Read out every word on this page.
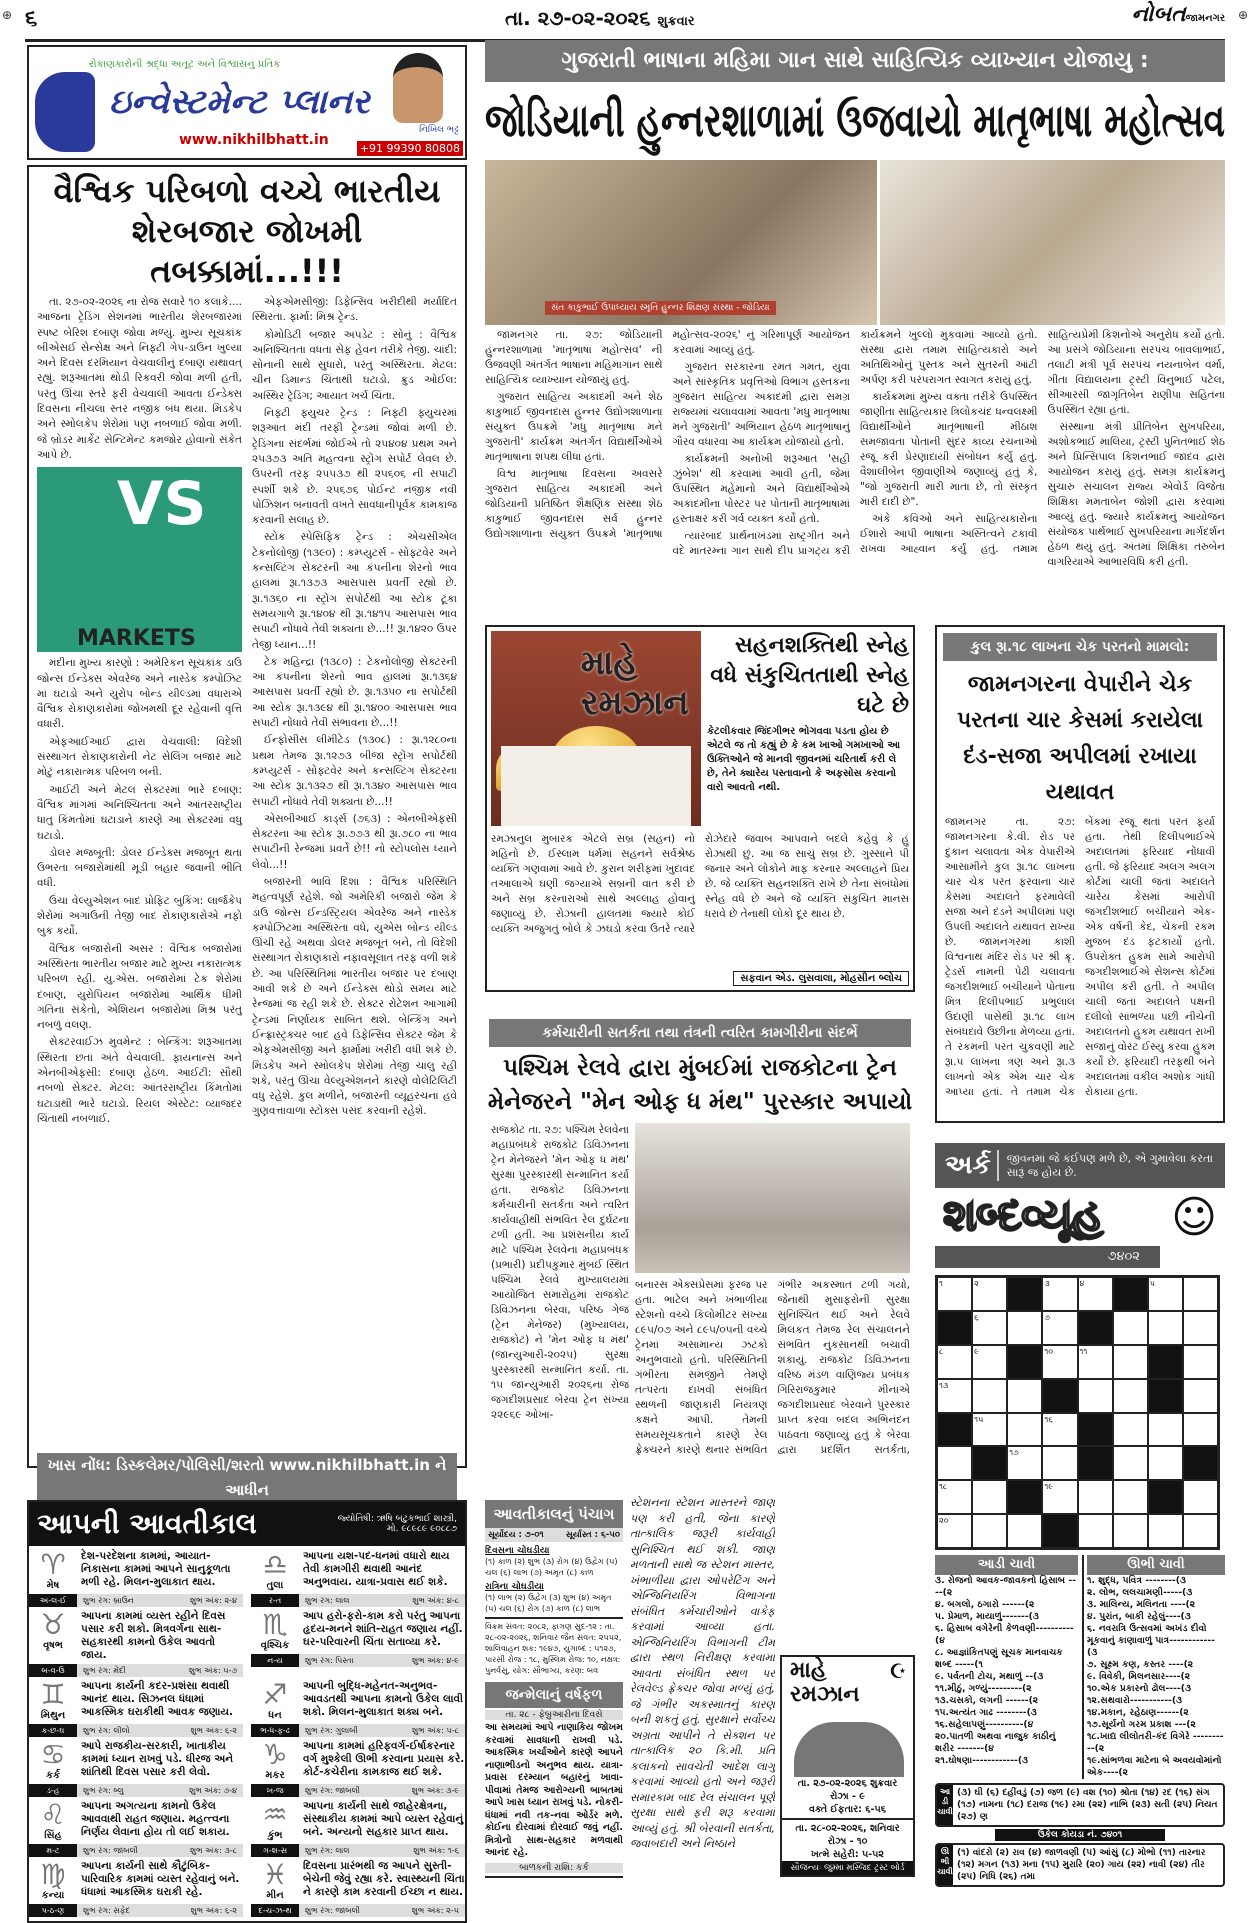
⊕	⊕
૬	તા. ૨૭-૦૨-૨૦૨૬ શુક્રવાર	નોબતજામનગર
રોકાણકારોની શ્રદ્ધા અતૂટ અને વિશ્વાસનું પ્રતિક
ઇન્વેસ્ટમેન્ટ પ્લાનર
www.nikhilbhatt.in
નિખિલ ભટ્ટ
+91 99390 80808
વૈશ્વિક પરિબળો વચ્ચે ભારતીય શેરબજાર જોખમી તબક્કામાં...!!!

તા. ૨૭-૦૨-૨૦૨૬ ના રોજ સવારે ૧૦ કલાકે.... આજના ટ્રેડિંગ સેશનમાં ભારતીય શેરબજારમાં સ્પષ્ટ બેરિશ દબાણ જોવા મળ્યું. મુખ્ય સૂચકાંક બીએસઈ સેન્સેક્ષ અને નિફ્ટી ગેપ-ડાઉન ખુલ્યા અને દિવસ દરમિયાન વેચવાલીનું દબાણ યથાવત્ રહ્યું. શરૂઆતમાં થોડી રિકવરી જોવા મળી હતી, પરંતુ ઊંચા સ્તરે ફરી વેચવાલી આવતા ઈન્ડેક્સ દિવસના નીચલા સ્તર નજીક બંધ થયા. મિડકેપ અને સ્મોલકેપ શેરોમાં પણ નબળાઈ જોવા મળી. જે બ્રોડર માર્કેટ સેન્ટિમેન્ટ કમજોર હોવાનો સંકેત આપે છે.

VS
MARKETS

મંદીના મુખ્ય કારણો : અમેરિકન સૂચકાંક ડાઉ જોન્સ ઈન્ડેક્સ એવરેજ અને નાસ્ડેક કમ્પોઝિટ માં ઘટાડો અને યુરોપ બોન્ડ યીલ્ડમાં વધારાએ વૈશ્વિક રોકાણકારોમાં જોખમથી દૂર રહેવાની વૃત્તિ વધારી.

એફઆઈઆઈ દ્વારા વેચવાલી: વિદેશી સંસ્થાગત રોકાણકારોની નેટ સેલિંગ બજાર માટે મોટું નકારાત્મક પરિબળ બની.

આઈટી અને મેટલ સેક્ટરમાં ભારે દબાણ: વૈશ્વિક માંગમાં અનિશ્ચિતતા અને આંતરરાષ્ટ્રીય ધાતુ કિંમતોમાં ઘટાડાને કારણે આ સેક્ટરમાં વધુ ઘટાડો.

ડોલર મજબૂતી: ડોલર ઈન્ડેક્સ મજબૂત થતા ઉભરતા બજારોમાંથી મૂડી બહાર જવાની ભીતિ વધી.

ઉંચા વેલ્યુએશન બાદ પ્રોફિટ બુકિંગ: લાર્જકેપ શેરોમાં અગાઉની તેજી બાદ રોકાણકારોએ નફો બુક કર્યો.

વૈશ્વિક બજારોની અસર : વૈશ્વિક બજારોમાં અસ્થિરતા ભારતીય બજાર માટે મુખ્ય નકારાત્મક પરિબળ રહી. યુ.એસ. બજારોમાં ટેક શેરોમાં દબાણ, યુરોપિયન બજારોમાં આર્થિક ધીમી ગતિના સંકેતો, એશિયન બજારોમાં મિશ્ર પરંતુ નબળું વલણ.

સેક્ટરવાઈઝ મુવમેન્ટ : બેન્કિંગ: શરૂઆતમાં સ્થિરતા છતાં અંતે વેચવાલી. ફાયનાન્સ અને એનબીએફસી: દબાણ હેઠળ. આઈટી: સૌથી નબળો સેક્ટર. મેટલ: આંતરરાષ્ટ્રીય કિંમતોમાં ઘટાડાથી ભારે ઘટાડો. રિયલ એસ્ટેટ: વ્યાજદર ચિંતાથી નબળાઈ.

એફએમસીજી: ડિફેન્સિવ ખરીદીથી મર્યાદિત સ્થિરતા. ફાર્મા: મિશ્ર ટ્રેન્ડ.

કોમોડિટી બજાર અપડેટ : સોનું : વૈશ્વિક અનિશ્ચિતતા વધતા સેફ હેવન તરીકે તેજી. ચાંદી: સોનાની સાથે સુધારો, પરંતુ અસ્થિરતા. મેટલ: ચીન ડિમાન્ડ ચિંતાથી ઘટાડો. ક્રુડ ઓઈલ: અસ્થિર ટ્રેડિંગ; આયાત ખર્ચ ચિંતા.

નિફ્ટી ફ્યુચર ટ્રેન્ડ : નિફ્ટી ફ્યુચરમાં શરૂઆત મંદી તરફી ટ્રેન્ડમાં જોવાં મળી છે. ટ્રેડિંગના સંદર્ભમાં જોઈએ તો ૨૫૪૦૪ પ્રથમ અને ૨૫૩૭૩ અતિ મહત્વના સ્ટ્રોંગ સપોર્ટ લેવલ છે. ઉપરની તરફ ૨૫૫૩૭ થી ૨૫૬૦૬ ની સપાટી સ્પર્શી શકે છે. ૨૫૬૭૬ પોઈન્ટ નજીક નવી પોઝિશન બનાવતી વખતે સાવધાનીપૂર્વક કામકાજ કરવાની સલાહ છે.

સ્ટોક સ્પેસિફિક ટ્રેન્ડ : એચસીએલ ટેકનોલોજી (૧૩૯૦) : કમ્પ્યુટર્સ - સોફ્ટવેર અને કન્સલ્ટિંગ સેક્ટરની આ કંપનીના શેરનો ભાવ હાલમાં રૂા.૧૩૭૩ આસપાસ પ્રવર્તી રહ્યો છે. રૂા.૧૩૬૦ ના સ્ટ્રોંગ સપોર્ટથી આ સ્ટોક ટૂંકા સમયગાળે રૂા.૧૪૦૪ થી રૂા.૧૪૧૫ આસપાસ ભાવ સપાટી નોંધાવે તેવી શક્યતા છે...!! રૂા.૧૪૨૦ ઉપર તેજી ધ્યાન...!!

ટેક મહિન્દ્રા (૧૩૮૦) : ટેકનોલોજી સેક્ટરની આ કંપનીના શેરનો ભાવ હાલમાં રૂા.૧૩૬૪ આસપાસ પ્રવર્તી રહ્યો છે. રૂા.૧૩૫૦ ના સપોર્ટથી આ સ્ટોક રૂા.૧૩૯૪ થી રૂા.૧૪૦૦ આસપાસ ભાવ સપાટી નોંધાવે તેવી સંભાવના છે...!!

ઈન્ફોસીસ લીમીટેડ (૧૩૦૮) : રૂા.૧૨૮૦ના પ્રથમ તેમજ રૂા.૧૨૭૩ બીજા સ્ટ્રોંગ સપોર્ટથી કમ્પ્યુટર્સ - સોફ્ટવેર અને કન્સલ્ટિંગ સેક્ટરના આ સ્ટોક રૂા.૧૩૨૭ થી રૂા.૧૩૪૦ આસપાસ ભાવ સપાટી નોંધાવે તેવી શક્યતા છે...!!

એસબીઆઈ કાર્ડ્સ (૭૬૩) : એનબીએફસી સેક્ટરના આ સ્ટોક રૂા.૭૭૩ થી રૂા.૭૮૦ ના ભાવ સપાટીની રેન્જમાં પ્રવર્તે છે!! નો સ્ટોપલોસ ધ્યાને લેવો...!!

બજારની ભાવિ દિશા : વૈશ્વિક પરિસ્થિતિ મહત્વપૂર્ણ રહેશે. જો અમેરિકી બજારો જેમ કે ડાઉ જોન્સ ઈન્ડસ્ટ્રિયલ એવરેજ અને નાસ્ડેક કમ્પોઝિટમાં અસ્થિરતા વધે, યુએસ બોન્ડ યીલ્ડ ઊંચી રહે અથવા ડોલર મજબૂત બને, તો વિદેશી સંસ્થાગત રોકાણકારો નફાવસૂલાત તરફ વળી શકે છે. આ પરિસ્થિતિમાં ભારતીય બજાર પર દબાણ આવી શકે છે અને ઈન્ડેક્સ થોડો સમય માટે રેન્જમાં જ રહી શકે છે. સેક્ટર રોટેશન આગામી ટ્રેન્ડમાં નિર્ણાયક સાબિત થશે. બેન્કિંગ અને ઈન્ફ્રાસ્ટ્રક્ચર બાદ હવે ડિફેન્સિવ સેક્ટર જેમ કે એફએમસીજી અને ફાર્મામાં ખરીદી વધી શકે છે. મિડકેપ અને સ્મોલકેપ શેરોમાં તેજી ચાલુ રહી શકે, પરંતુ ઊંચા વેલ્યુએશનને કારણે વોલેટિલિટી વધુ રહેશે. કુલ મળીને, બજારની વ્યૂહરચના હવે ગુણવત્તાવાળા સ્ટોક્સ પસંદ કરવાની રહેશે.

ખાસ નોંધ: ડિસ્કલેમર/પોલિસી/શરતો www.nikhilbhatt.in ને આધીન
આપની આવતીકાલ	જ્યોતિષી: ઋષિ બટુકભાઈ શાસ્ત્રી,
મો. ૯૮૯૮૯ ૯૦૮૮૭
♈
મેષ
દેશ-પરદેશના કામમાં, આયાત-નિકાસના કામમાં આપને સાનુકૂળતા મળી રહે. મિલન-મુલાકાત થાય.
અ-લ-ઈ	શુભ રંગ: બ્રાઉન	શુભ અંક: ૨-૪
♎
તુલા
આપના યશ-પદ-ધનમાં વધારો થાય તેવી કામગીરી થવાથી આનંદ અનુભવાય. યાત્રા-પ્રવાસ થઈ શકે.
ર-ત	શુભ રંગ: લાલ	શુભ અંક: ૪-૮
♉
વૃષભ
આપના કામમાં વ્યસ્ત રહીને દિવસ પસાર કરી શકો. મિત્રવર્ગના સાથ-સહકારથી કામનો ઉકેલ આવતો જાય.
બ-વ-ઉ	શુભ રંગ: મેંદી	શુભ અંક: ૫-૭
♏
વૃશ્ચિક
આપ હરો-ફરો-કામ કરો પરંતુ આપના હૃદય-મનને શાંતિ-રાહત જણાય નહીં. ઘર-પરિવારની ચિંતા સતાવ્યા કરે.
ન-ય	શુભ રંગ: પિસ્તા	શુભ અંક: ૪-૯
♊
મિથુન
આપના કાર્યની કદર-પ્રશંસા થવાથી આનંદ થાય. સિઝનલ ધંધામાં આકસ્મિક ઘરાકીથી આવક જણાય.
ક-છ-ઘ	શુભ રંગ: લીલો	શુભ અંક: ૬-૨
♐
ધન
આપની બુદ્ધિ-મહેનત-અનુભવ-આવડતથી આપના કામનો ઉકેલ લાવી શકો. મિલન-મુલાકાત શક્ય બને.
ભ-ધ-ફ-ઢ	શુભ રંગ: ગુલાબી	શુભ અંક: ૫-૮
♋
કર્ક
આપે રાજકીય-સરકારી, ખાતાકીય કામમાં ધ્યાન રાખવું પડે. ધીરજ અને શાંતિથી દિવસ પસાર કરી લેવો.
ડ-હ	શુભ રંગ: બ્લુ	શુભ અંક: ૭-૪
♑
મકર
આપના કામમાં હરિફવર્ગ-ઈર્ષાકરનાર વર્ગ મુશ્કેલી ઊભી કરવાના પ્રયાસ કરે. કોર્ટ-કચેરીના કામકાજ થઈ શકે.
ખ-જ	શુભ રંગ: જાંબલી	શુભ અંક: ૩-૯
♌
સિંહ
આપના અગત્યના કામનો ઉકેલ આવવાથી રાહત જણાય. મહત્ત્વના નિર્ણય લેવાના હોય તો લઈ શકાય.
મ-ટ	શુભ રંગ: જાંબલી	શુભ અંક: ૩-૮
♒
કુંભ
આપના કાર્યની સાથે જાહેરક્ષેત્રના, સંસ્થાકીય કામમાં આપે વ્યસ્ત રહેવાનું બને. અન્યનો સહકાર પ્રાપ્ત થાય.
ગ-શ-સ	શુભ રંગ: લાલ	શુભ અંક: ૧-૬
♍
કન્યા
આપના કાર્યની સાથે કૌટુંબિક-પારિવારિક કામમાં વ્યસ્ત રહેવાનું બને. ધંધામાં આકસ્મિક ઘરાકી રહે.
પ-ઠ-ણ	શુભ રંગ: સફેદ	શુભ અંક: ૬-૨
♓
મીન
દિવસના પ્રારંભથી જ આપને સુસ્તી-બેચેની જેવું રહ્યા કરે. સ્વાસ્થ્યની ચિંતા ને કારણે કામ કરવાની ઈચ્છા ન થાય.
દ-ચ-ઝ-થ	શુભ રંગ: જાંબલી	શુભ અંક: ૨-૫
ગુજરાતી ભાષાના મહિમા ગાન સાથે સાહિત્યિક વ્યાખ્યાન યોજાયુ :
સંત કાકુભાઈ ઉપાધ્યાય સ્મૃતિ હુન્નર શિક્ષણ સંસ્થા - જોડિયા
જોડિયાની હુન્નરશાળામાં ઉજવાયો માતૃભાષા મહોત્સવ

જામનગર તા. ૨૭: જોડિયાની હુન્નરશાળામાં 'માતૃભાષા મહોત્સવ' ની ઉજવણી અંતર્ગત ભાષાના મહિમાગાન સાથે સાહિત્યિક વ્યાખ્યાન યોજાયું હતું.

ગુજરાત સાહિત્ય અકાદમી અને શેઠ કાકુભાઈ જીવનદાસ હુન્નર ઉદ્યોગશાળાના સંયુક્ત ઉપક્રમે 'મધુ માતૃભાષા મને ગુજરાતી' કાર્યક્રમ અંતર્ગત વિદ્યાર્થીઓએ માતૃભાષાના શપથ લીધા હતાં.

વિશ્વ માતૃભાષા દિવસના અવસરે ગુજરાત સાહિત્ય અકાદમી અને જોડિયાની પ્રતિષ્ઠિત શૈક્ષણિક સંસ્થા શેઠ કાકુભાઈ જીવનદાસ સર્વ હુન્નર ઉદ્યોગશાળાના સંયુક્ત ઉપક્રમે 'માતૃભાષા મહોત્સવ-૨૦૨૬' નું ગરિમાપૂર્ણ આયોજન કરવામાં આવ્યું હતું.

ગુજરાત સરકારના રમત ગમત, યુવા અને સાંસ્કૃતિક પ્રવૃત્તિઓ વિભાગ હસ્તકના ગુજરાત સાહિત્ય અકાદમી દ્વારા સમગ્ર રાજ્યમાં ચલાવવામાં આવતા 'મધુ માતૃભાષા મને ગુજરાતી' અભિયાન હેઠળ માતૃભાષાનું ગૌરવ વધારવા આ કાર્યક્રમ યોજાયો હતો.

કાર્યક્રમની અનોખી શરૂઆત 'સહી ઝુંબેશ' થી કરવામાં આવી હતી, જેમાં ઉપસ્થિત મહેમાનો અને વિદ્યાર્થીઓએ અકાદમીના પોસ્ટર પર પોતાની માતૃભાષામાં હસ્તાક્ષર કરી ગર્વ વ્યક્ત કર્યો હતો.

ત્યારબાદ પ્રાર્થનાખંડમાં રાષ્ટ્રગીત અને વંદે માતરમ્ના ગાન સાથે દીપ પ્રાગટ્ય કરી કાર્યક્રમને ખુલ્લો મુકવામાં આવ્યો હતો. સંસ્થા દ્વારા તમામ સાહિત્યકારો અને અતિથિઓનું પુસ્તક અને સુતરની આંટી અર્પણ કરી પરંપરાગત સ્વાગત કરાયું હતું.

કાર્યક્રમમાં મુખ્ય વક્તા તરીકે ઉપસ્થિત જાણીતા સાહિત્યકાર ત્રિલોકચંદ ધન્વલક્ષ્મી વિદ્યાર્થીઓને માતૃભાષાની મીઠાશ સમજાવતા પોતાની સુંદર કાવ્ય રચનાઓ રજૂ કરી પ્રેરણાદાયી સંબોધન કર્યું હતું. વૈશાલીબેન જીવાણીએ જણાવ્યું હતું કે, "જો ગુજરાતી મારી માતા છે, તો સંસ્કૃત મારી દાદી છે".

અંકે કવિઓ અને સાહિત્યકારોના ઈશારો આપી ભાષાના અસ્તિત્વને ટકાવી રાખવા આહ્વાન કર્યું હતું. તમામ સાહિત્યપ્રેમી કિશનોએ અનુરોધ કર્યો હતો. આ પ્રસંગે જોડિયાના સરપંચ બાવલાભાઈ, તલાટી મંત્રી પૂર્વ સરપંચ નયનાબેન વર્મા, ગીતા વિદ્યાલયના ટ્રસ્ટી વિનુભાઈ પટેલ, સીઆરસી જાગૃતિબેન રાણીપા સહિતના ઉપસ્થિત રહ્યા હતાં.

સંસ્થાના મંત્રી પ્રીતિબેન સુખપરિયા, અશોકભાઈ માલિયા, ટ્રસ્ટી પુનિતભાઈ શેઠ અને પ્રિન્સિપાલ કિશનભાઈ જાદવ દ્વારા આયોજન કરાયું હતું. સમગ્ર કાર્યક્રમનું સુચારુ સંચાલન રાજ્ય એવોર્ડ વિજેતા શિક્ષિકા મમતાબેન જોશી દ્વારા કરવામાં આવ્યું હતું. જ્યારે કાર્યક્રમનું આયોજન સંયોજક પાર્થભાઈ સુખપરિયાના માર્ગદર્શન હેઠળ થયું હતું. અંતમાં શિક્ષિકા તરુબેન વાગરિયાએ આભારવિધિ કરી હતી.

માહે રમઝાન
સહનશક્તિથી સ્નેહ વધે સંકુચિતતાથી સ્નેહ ઘટે છે
કેટલીકવાર જિંદગીભર ભોગવવા પડતા હોય છે એટલે જ તો કહ્યું છે કે કમ ખાઓ ગમખાઓ આ ઉક્તિઓને જે માનવી જીવનમાં ચરિતાર્થ કરી લે છે, તેને ક્યારેય પસ્તાવાનો કે અફસોસ કરવાનો વારો આવતો નથી.
રમઝાનુલ મુબારક એટલે સબ્ર (સહન) નો મહિનો છે. ઈસ્લામ ધર્મમાં સહનને સર્વશ્રેષ્ઠ વ્યક્તિ ગણવામાં આવે છે. કુરાન શરીફમાં ખુદાવંદ તઆલાએ ઘણી જગ્યાએ સબ્રની વાત કરી છે અને સબ્ર કરનારાઓ સાથે અલ્લાહ હોવાનું જણાવ્યું છે. રોઝાની હાલતમાં જ્યારે કોઈ વ્યક્તિ અજુગતું બોલે કે ઝઘડો કરવા ઉતરે ત્યારે રોઝેદારે જવાબ આપવાને બદલે કહેવું કે હું રોઝાથી છું. આ જ સાચું સબ્ર છે. ગુસ્સાને પી જનાર અને લોકોને માફ કરનાર અલ્લાહને પ્રિય છે. જે વ્યક્તિ સહનશક્તિ રાખે છે તેના સંબંધોમાં સ્નેહ વધે છે અને જે વ્યક્તિ સંકુચિત માનસ ધરાવે છે તેનાથી લોકો દૂર થાય છે.
સફવાન એડ. લુસવાલા, મોહસીન બ્લોચ
કુલ રૂા.૧૮ લાખના ચેક પરતનો મામલો:
જામનગરના વેપારીને ચેક પરતના ચાર કેસમાં કરાયેલા દંડ-સજા અપીલમાં રખાયા યથાવત
જામનગર તા. ૨૭: જામનગરના કે.વી. રોડ પર દુકાન ચલાવતા એક વેપારીએ આસામીને કુલ રૂા.૧૮ લાખના ચાર ચેક પરત ફરવાના ચાર કેસમાં અદાલતે ફરમાવેલી સજા અને દંડને અપીલમાં પણ ઉપલી અદાલતે યથાવત રાખ્યા છે. જામનગરમાં કાશી વિશ્વનાથ મંદિર રોડ પર શ્રી ક્રૃ. ટ્રેડર્સ નામની પેઢી ચલાવતા જગદીશભાઈ બચીયાને પોતાના મિત્ર દિલીપભાઈ પ્રભુલાલ ઉદાણી પાસેથી રૂા.૧૮ લાખ સંબંધદાવે ઉછીના મેળવ્યા હતાં. તે રકમની પરત ચુકવણી માટે રૂા.૫ લાખના ત્રણ અને રૂા.૩ લાખનો એક એમ ચાર ચેક આપ્યા હતાં. તે તમામ ચેક બેંકમાં રજૂ થતાં પરત ફર્યા હતા. તેથી દિલીપભાઈએ અદાલતમાં ફરિયાદ નોંધાવી હતી. જે ફરિયાદ અલગ અલગ કોર્ટમાં ચાલી જતાં અદાલતે ચારેય કેસમાં આરોપી જગદીશભાઈ બચીયાને એક-એક વર્ષની કેદ, ચેકની રકમ મુજબ દંડ ફટકાર્યો હતો. ઉપરોક્ત હુકમ સામે આરોપી જગદીશભાઈએ સેશન્સ કોર્ટમાં અપીલ કરી હતી. તે અપીલ ચાલી જતાં અદાલતે પક્ષની દલીલો સાંભળ્યા પછી નીચેની અદાલતનો હુકમ યથાવત રાખી સજાનું વોરંટ ઈસ્યુ કરવા હુકમ કર્યો છે. ફરિયાદી તરફથી બંને અદાલતમાં વકીલ અશોક ગાંધી રોકાયા હતા.
કર્મચારીની સતર્કતા તથા તંત્રની ત્વરિત કામગીરીના સંદર્ભે
પશ્ચિમ રેલવે દ્વારા મુંબઈમાં રાજકોટના ટ્રેન મેનેજરને "મેન ઓફ ધ મંથ" પુરસ્કાર અપાયો
રાજકોટ તા. ૨૭: પશ્ચિમ રેલવેના મહાપ્રબંધકે રાજકોટ ડિવિઝનના ટ્રેન મેનેજરને 'મેન ઓફ ધ મંથ' સુરક્ષા પુરસ્કારથી સન્માનિત કર્યા હતા. રાજકોટ ડિવિઝનના કર્મચારીની સતર્કતા અને ત્વરિત કાર્યવાહીથી સંભવિત રેલ દુર્ઘટના ટળી હતી. આ પ્રશંસનીય કાર્ય માટે પશ્ચિમ રેલવેના મહાપ્રબંધક (પ્રભારી) પ્રદીપકુમાર મુંબઈ સ્થિત પશ્ચિમ રેલવે મુખ્યાલયમાં આયોજિત સમારોહમાં રાજકોટ ડિવિઝનના બેરવા, પરિષ્ઠ ગેજ (ટ્રેન મેનેજર) (મુખ્યાલય, રાજકોટ) ને 'મેન ઓફ ધ મંથ' (જાન્યુઆરી-૨૦૨૫) સુરક્ષા પુરસ્કારથી સન્માનિત કર્યા. તા. ૧૫ જાન્યુઆરી ૨૦૨૬ના રોજ જગદીશપ્રસાદ બેરવા ટ્રેન સંખ્યા ૨૨૯૬૯ ઓખા-
બનારસ એક્સપ્રેસમાં ફરજ પર હતા. ભાટેલ અને ખંભાળીયા સ્ટેશનો વચ્ચે કિલોમીટર સંખ્યા ૮૯૫/૦૭ અને ૮૯૫/૦૫ની વચ્ચે ટ્રેનમાં અસામાન્ય ઝટકો અનુભવાયો હતો. પરિસ્થિતિની ગંભીરતા સમજીને તેમણે તત્પરતા દાખવી સંબંધિત સ્થળની જાણકારી નિયંત્રણ કક્ષને આપી. તેમની સમયસૂચકતાને કારણે રેલ ફ્રેક્ચરને કારણે થનાર સંભવિત ગંભીર અકસ્માત ટળી ગયો, જેનાથી મુસાફરોની સુરક્ષા સુનિશ્ચિત થઈ અને રેલવે મિલકત તેમજ રેલ સંચાલનને સંભવિત નુકસાનથી બચાવી શકાયું. રાજકોટ ડિવિઝનના વરિષ્ઠ મંડળ વાણિજ્ય પ્રબંધક ગિરિરાજકુમાર મીનાએ જગદીશપ્રસાદ બેરવાને પુરસ્કાર પ્રાપ્ત કરવા બદલ અભિનંદન પાઠવતા જણાવ્યું હતું કે બેરવા દ્વારા પ્રદર્શિત સતર્કતા,
આવતીકાલનું પંચાગ
સૂર્યોદય : ૭-૦૧	સૂર્યાસ્ત : ૬-૫૦
દિવસના ચોઘડીયા
(૧) કાળ (૨) શુભ (૩) રોગ (૪) ઉદ્વેગ (૫) ચલ (૬) લાભ (૭) અમૃત (૮) કાળ
રાત્રિના ચોઘડીયા
(૧) લાભ (૨) ઉદ્વેગ (૩) શુભ (૪) અમૃત (૫) ચલ (૬) રોગ (૭) કાળ (૮) લાભ
વિક્રમ સંવત: ૨૦૮૨, ફાગણ સુદ-૧૨ : તા. ૨૮-૦૨-૨૦૨૬, શનિવાર જૈન સંવત: ૨૫૫૨, શાલિવાહન શક: ૧૯૪૭, યુગાબ્દ : ૫૧૨૭, પારસી રોજ : ૧૮, મુસ્લિમ રોજ: ૧૦, નક્ષત્ર: પુનર્વસુ, યોગ: સૌભાગ્ય, કરણ: બવ
જન્મેલાનું વર્ષફળ
તા. ૨૮ - ફેબ્રુઆરીના દિવસે
આ સમયમાં આપે નાણાકિય જોખમ કરવામાં સાવધાની રાખવી પડે. આકસ્મિક ખર્ચાઓને કારણે આપને નાણાભીડનો અનુભવ થાય. યાત્રા-પ્રવાસ દરમ્યાન બહારનું ખાવા-પીવામાં તેમજ આરોગ્યની બાબતમાં આપે ખાસ ધ્યાન રાખવું પડે. નોકરી-ધંધામાં નવી તક-નવા ઓર્ડર મળે. કોઈના દોરવામાં દોરવાઈ જવું નહીં. મિત્રોનો સાથ-સહકાર મળવાથી આનંદ રહે.
બાળકની રાશિ: કર્ક
સ્ટેશનના સ્ટેશન માસ્તરને જાણ પણ કરી હતી, જેના કારણે તાત્કાલિક જરૂરી કાર્યવાહી સુનિશ્ચિત થઈ શકી. જાણ મળતાની સાથે જ સ્ટેશન માસ્તર, ખંભાળીયા દ્વારા ઓપરેટિંગ અને એન્જિનિયરિંગ વિભાગના સંબંધિત કર્મચારીઓને વાકેફ કરવામાં આવ્યા હતા. એન્જિનિયરિંગ વિભાગની ટીમ દ્વારા સ્થળ નિરીક્ષણ કરવામાં આવતા સંબંધિત સ્થળ પર રેલવેલ્ડ ફ્રેક્ચર જોવા મળ્યું હતું, જે ગંભીર અકસ્માતનું કારણ બની શકતું હતું. સુરક્ષાને સર્વોચ્ચ અગ્રતા આપીને તે સેક્શન પર તાત્કાલિક ૨૦ કિ.મી. પ્રતિ કલાકનો સાવચેતી આદેશ લાગુ કરવામાં આવ્યો હતો અને જરૂરી સમારકામ બાદ રેલ સંચાલન પૂર્ણ સુરક્ષા સાથે ફરી શરૂ કરવામાં આવ્યું હતું. શ્રી બેરવાની સતર્કતા, જવાબદારી અને નિષ્ઠાને
માહે રમઝાન
☪
તા. ૨૭-૦૨-૨૦૨૬ શુક્રવાર
રોઝા - ૯
વક્તે ઈફતાર: ૬-૫૬
તા. ૨૮-૦૨-૨૦૨૬, શનિવાર
રોઝા - ૧૦
ખત્મે સહેરી: ૫-૫૨
સૌજન્યઃ જુમ્મા મસ્જિદ ટ્રસ્ટ બોર્ડ
અર્ક	જીવનમાં જે કંઈપણ મળે છે, એ ગુમાવેલા કરતા સારૂં જ હોય છે.
૭૪૦૨
શબ્દવ્યૂહ ☺
૧	૨	૩	૪	૫
૬	૭
૮	૯	૧૦	૧૧
૧૩
૧૫	૧૬
૧૭
૧૮	૧૯
૨૦
આડી ચાવી
૩. રોજનો આવક-જાવકનો હિસાબ ----(૨
૪. બગલો, ઠગારો ------(૨
૫. પ્રેમાળ, માયાળું-------(૩
૬. હિસાબ વગેરેની કેળવણી----------(૪
૮. આજ્ઞાંકિતપણું સૂચક માનવાચક શબ્દ -----(૧
૯. પર્વતની ટોચ, મથાળું --(૩
૧૧.મીઠું, ગળ્યું---------(૨
૧૩.ચસકો, લગની ------(૨
૧૫.અત્યંત ગાઢ --------(૩
૧૬.સહેલાપણું----------(૪
૨૦.પાતળી અથવા નાજુક કાઠીનું શરીર -------(૪
૨૧.ઘોષણા------------(૩
ઊભી ચાવી
૧. શુદ્ધ, પવિત્ર --------(૩
૨. લોભ, લલચામણી-----(૩
૩. માલિન્ય, મલિનતા ----(૨
૪. પુરાંત, બાકી રહેલું----(૩
૬. નવરાત્રિ ઉત્સવમાં અખંડ દીવો મૂકવાનું કાણાવાળું પાત્ર------------(૩
૭. સૂક્ષ્મ કણ, કસ્તર ----(૨
૯. વિવેકી, મિલનસાર----(૨
૧૦.એક પ્રકારનો ઢોલ----(૩
૧૨.સથવારો-----------(૩
૧૪.મકાન, રહેઠાણ------(૨
૧૭.સૂર્યનો ગરમ પ્રકાશ ---(૨
૧૮.ખાદ્ય લીલોતરી-કંદ વિગેરે ----------(૨
૧૯.સાંભળવા માટેના બે અવયવોમાંનો એક----(૨
આડી ચાવી
(૩) ઘી (૬) દહીંવડું (૭) જળ (૯) વશ (૧૦) શ્રોતા (૧૪) રદ (૧૬) સંગ (૧૭) નામના (૧૮) દરાજ (૧૯) રમા (૨૨) નાભિ (૨૩) સતી (૨૫) નિયત (૨૭) ણ
ઉકેલ કોયડા નં. ૭૪૦૧
ઊભી ચાવી
(૧) વાંદરો (૨) રાવ (૪) જાળવણી (૫) આંસું (૮) મોભો (૧૧) તારનાર (૧૨) મગન (૧૩) મના (૧૫) મુરારિ (૨૦) ગાય (૨૨) નાવી (૨૪) તીર (૨૫) નિધિ (૨૬) તમા
